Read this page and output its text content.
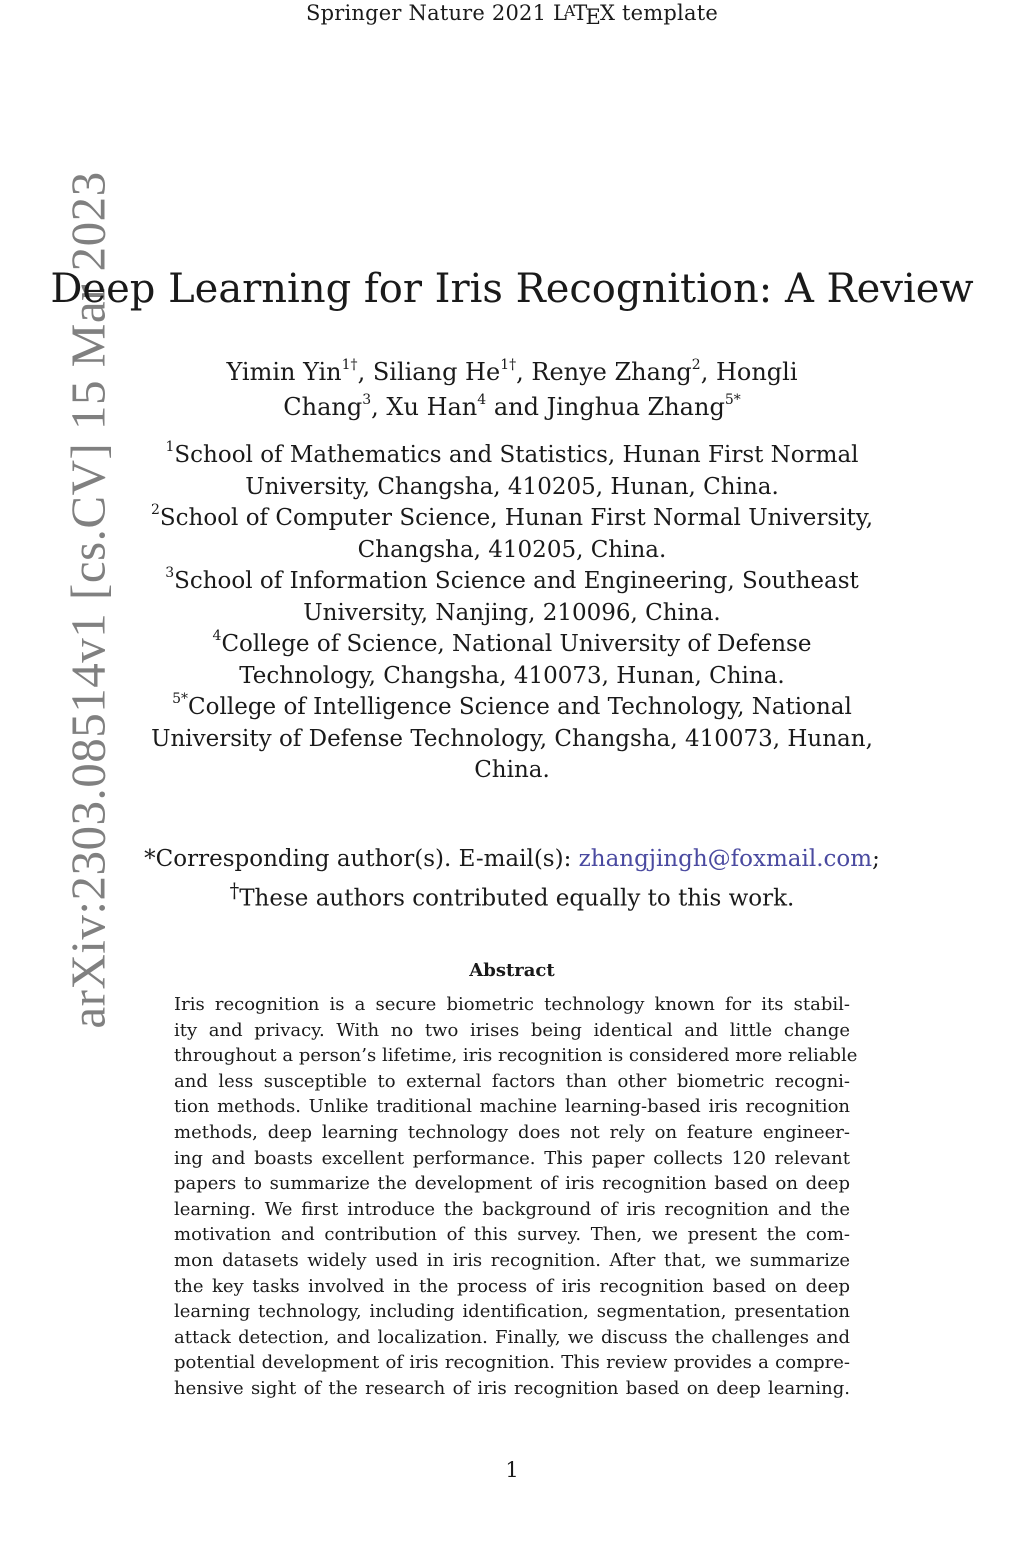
Springer Nature 2021 LATEX template
arXiv:2303.08514v1 [cs.CV] 15 Mar 2023
Deep Learning for Iris Recognition: A Review
Yimin Yin$^{1\dagger}$, Siliang $He^{1\dagger}$, Renye Zhang$^2$, Hongli Chang$^3$, Xu Han$^4$ and Jinghua Zhang$^{5*}$

$^1$School of Mathematics and Statistics, Hunan First Normal University, Changsha, 410205, Hunan, China.

$^2$School of Computer Science, Hunan First Normal University, Changsha, 410205, China.

$^3$School of Information Science and Engineering, Southeast University, Nanjing, 210096, China.

$^4$College of Science, National University of Defense Technology, Changsha, 410073, Hunan, China.

$^{5*}$College of Intelligence Science and Technology, National University of Defense Technology, Changsha, 410073, Hunan, China.

*Corresponding author(s). E-mail(s): zhangjingh@foxmail.com;
†These authors contributed equally to this work.
Abstract
Iris recognition is a secure biometric technology known for its stabil-
ity and privacy. With no two irises being identical and little change
throughout a person’s lifetime, iris recognition is considered more reliable
and less susceptible to external factors than other biometric recogni-
tion methods. Unlike traditional machine learning-based iris recognition
methods, deep learning technology does not rely on feature engineer-
ing and boasts excellent performance. This paper collects 120 relevant
papers to summarize the development of iris recognition based on deep
learning. We first introduce the background of iris recognition and the
motivation and contribution of this survey. Then, we present the com-
mon datasets widely used in iris recognition. After that, we summarize
the key tasks involved in the process of iris recognition based on deep
learning technology, including identification, segmentation, presentation
attack detection, and localization. Finally, we discuss the challenges and
potential development of iris recognition. This review provides a compre-
hensive sight of the research of iris recognition based on deep learning.
1
